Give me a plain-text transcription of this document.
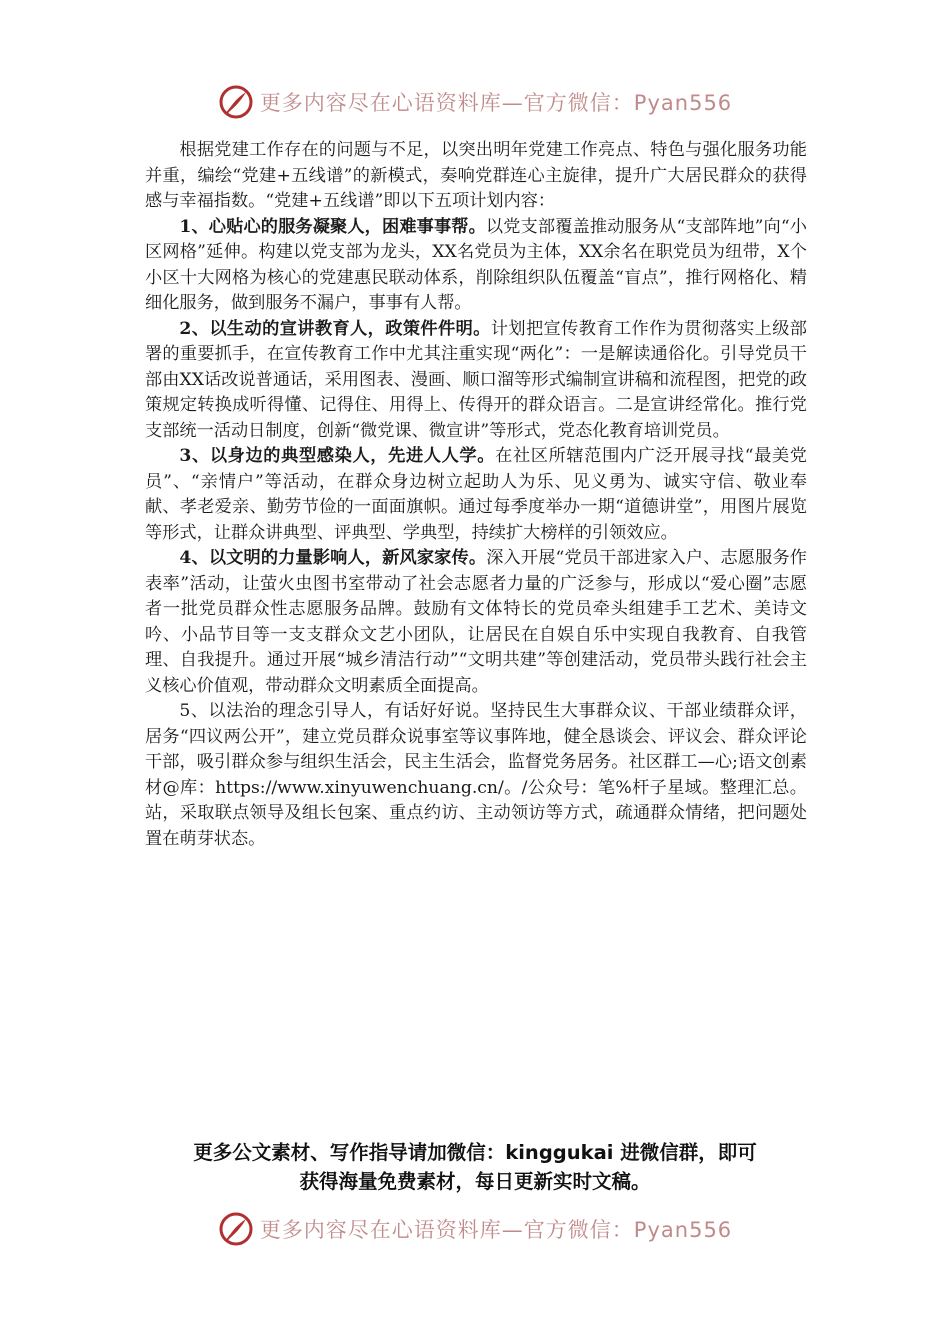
更多内容尽在心语资料库—官方微信：Pyan556

根据党建工作存在的问题与不足，以突出明年党建工作亮点、特色与强化服务功能并重，编绘“党建+五线谱”的新模式，奏响党群连心主旋律，提升广大居民群众的获得感与幸福指数。“党建+五线谱”即以下五项计划内容：

1、心贴心的服务凝聚人，困难事事帮。以党支部覆盖推动服务从“支部阵地”向“小区网格”延伸。构建以党支部为龙头，XX名党员为主体，XX余名在职党员为纽带，X个小区十大网格为核心的党建惠民联动体系，削除组织队伍覆盖“盲点”，推行网格化、精细化服务，做到服务不漏户，事事有人帮。

2、以生动的宣讲教育人，政策件件明。计划把宣传教育工作作为贯彻落实上级部署的重要抓手，在宣传教育工作中尤其注重实现“两化”：一是解读通俗化。引导党员干部由XX话改说普通话，采用图表、漫画、顺口溜等形式编制宣讲稿和流程图，把党的政策规定转换成听得懂、记得住、用得上、传得开的群众语言。二是宣讲经常化。推行党支部统一活动日制度，创新“微党课、微宣讲”等形式，党态化教育培训党员。

3、以身边的典型感染人，先进人人学。在社区所辖范围内广泛开展寻找“最美党员”、“亲情户”等活动，在群众身边树立起助人为乐、见义勇为、诚实守信、敬业奉献、孝老爱亲、勤劳节俭的一面面旗帜。通过每季度举办一期“道德讲堂”，用图片展览等形式，让群众讲典型、评典型、学典型，持续扩大榜样的引领效应。

4、以文明的力量影响人，新风家家传。深入开展“党员干部进家入户、志愿服务作表率”活动，让萤火虫图书室带动了社会志愿者力量的广泛参与，形成以“爱心圈”志愿者一批党员群众性志愿服务品牌。鼓励有文体特长的党员牵头组建手工艺术、美诗文吟、小品节目等一支支群众文艺小团队，让居民在自娱自乐中实现自我教育、自我管理、自我提升。通过开展“城乡清洁行动”“文明共建”等创建活动，党员带头践行社会主义核心价值观，带动群众文明素质全面提高。

5、以法治的理念引导人，有话好好说。坚持民生大事群众议、干部业绩群众评，居务“四议两公开”，建立党员群众说事室等议事阵地，健全恳谈会、评议会、群众评论干部，吸引群众参与组织生活会，民主生活会，监督党务居务。社区群工—心;语文创素材@库：https://www.xinyuwenchuang.cn/。/公众号：笔%杆子星域。整理汇总。站，采取联点领导及组长包案、重点约访、主动领访等方式，疏通群众情绪，把问题处置在萌芽状态。

更多公文素材、写作指导请加微信：kinggukai 进微信群，即可
获得海量免费素材，每日更新实时文稿。
更多内容尽在心语资料库—官方微信：Pyan556
